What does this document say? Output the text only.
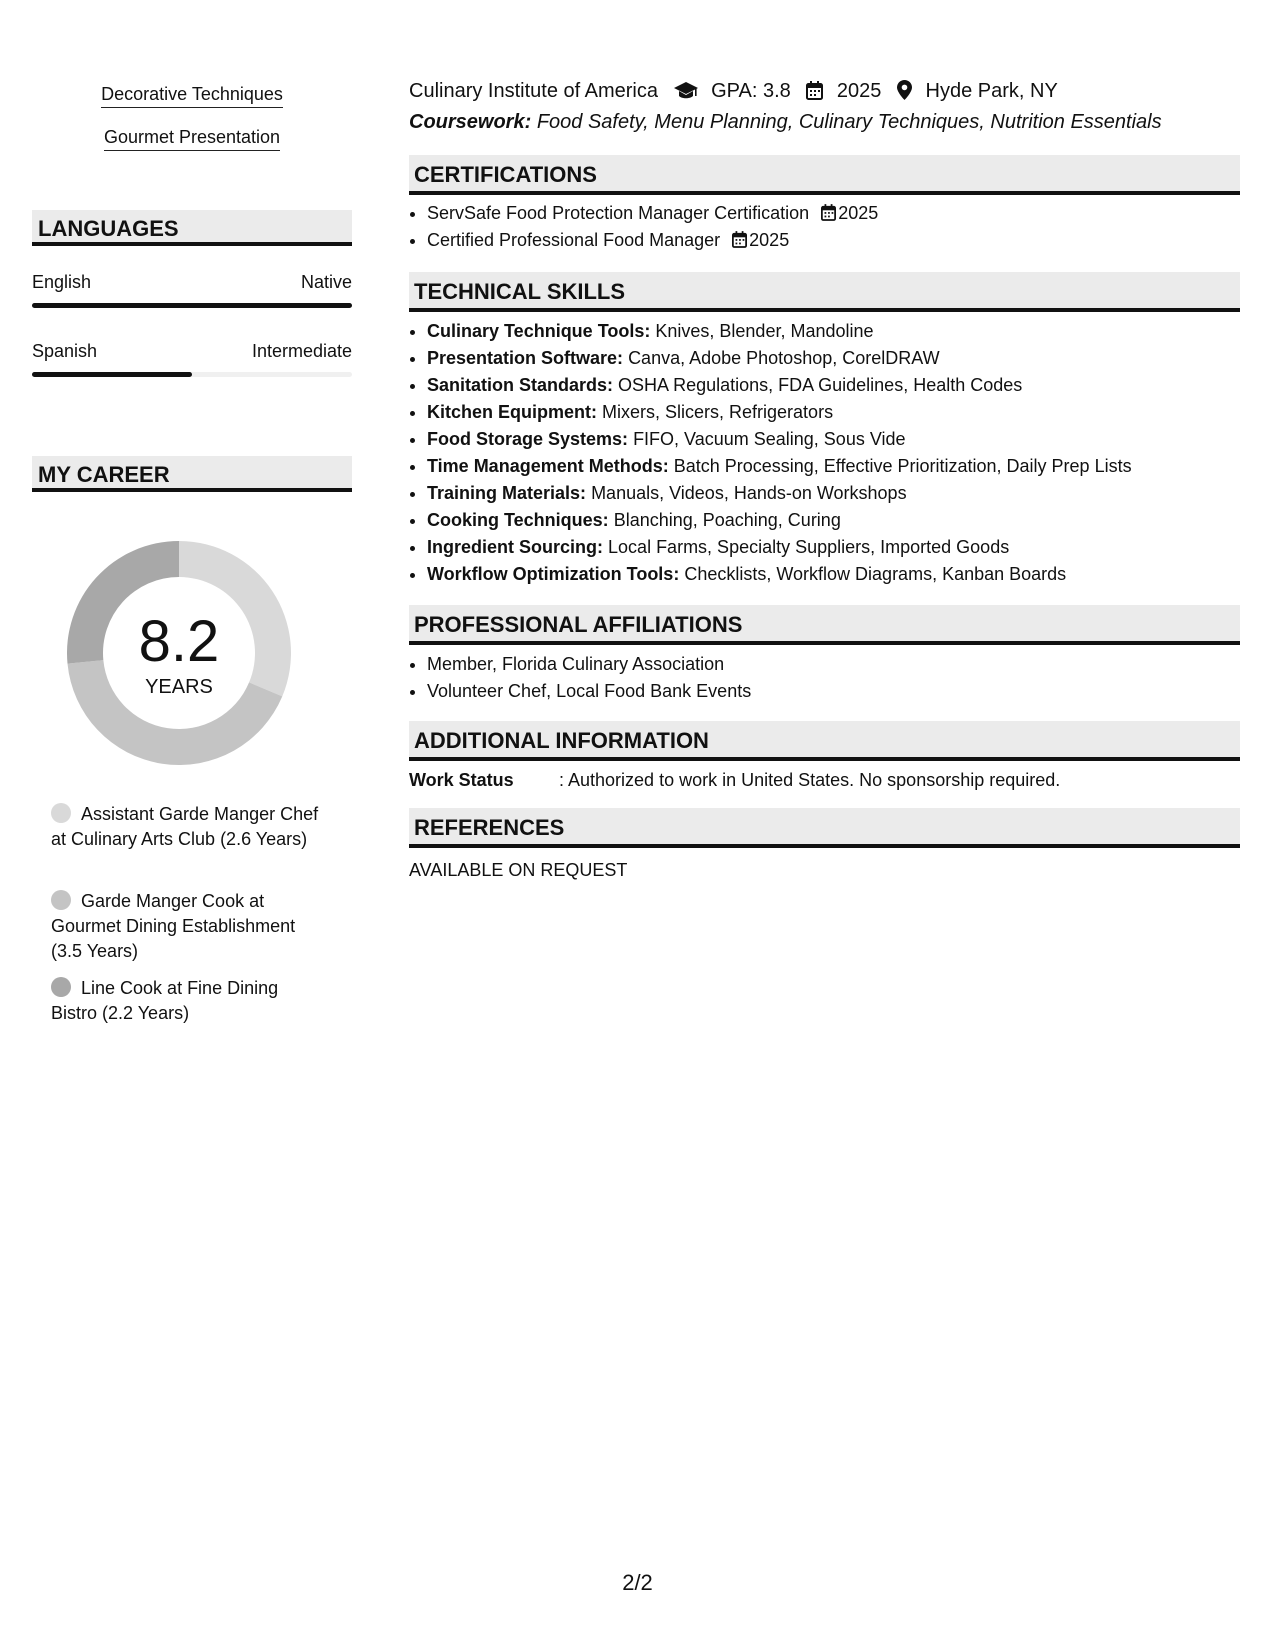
Decorative Techniques
Gourmet Presentation
LANGUAGES
English	Native
Spanish	Intermediate
MY CAREER
8.2
YEARS
Assistant Garde Manger Chef at Culinary Arts Club (2.6 Years)
Garde Manger Cook at Gourmet Dining Establishment (3.5 Years)
Line Cook at Fine Dining Bistro (2.2 Years)
Culinary Institute of America	GPA: 3.8 2025 Hyde Park, NY
Coursework: Food Safety, Menu Planning, Culinary Techniques, Nutrition Essentials
CERTIFICATIONS
• ServSafe Food Protection Manager Certification 2025
• Certified Professional Food Manager 2025
TECHNICAL SKILLS
• Culinary Technique Tools: Knives, Blender, Mandoline
• Presentation Software: Canva, Adobe Photoshop, CorelDRAW
• Sanitation Standards: OSHA Regulations, FDA Guidelines, Health Codes
• Kitchen Equipment: Mixers, Slicers, Refrigerators
• Food Storage Systems: FIFO, Vacuum Sealing, Sous Vide
• Time Management Methods: Batch Processing, Effective Prioritization, Daily Prep Lists
• Training Materials: Manuals, Videos, Hands-on Workshops
• Cooking Techniques: Blanching, Poaching, Curing
• Ingredient Sourcing: Local Farms, Specialty Suppliers, Imported Goods
• Workflow Optimization Tools: Checklists, Workflow Diagrams, Kanban Boards
PROFESSIONAL AFFILIATIONS
• Member, Florida Culinary Association
• Volunteer Chef, Local Food Bank Events
ADDITIONAL INFORMATION
Work Status	: Authorized to work in United States. No sponsorship required.
REFERENCES
AVAILABLE ON REQUEST
2/2
